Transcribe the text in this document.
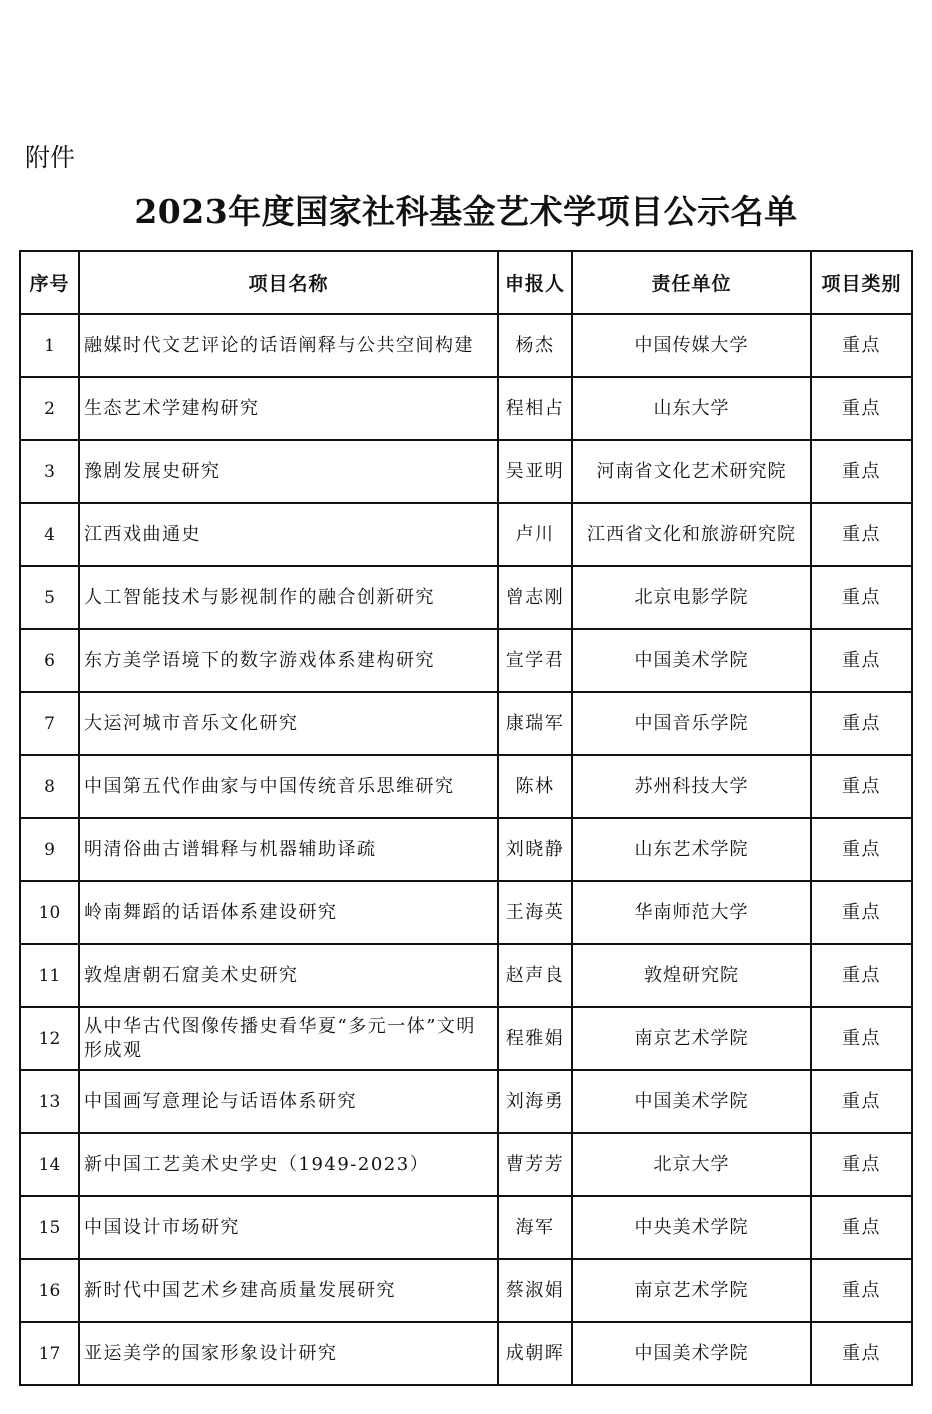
附件
2023年度国家社科基金艺术学项目公示名单
序号	项目名称	申报人	责任单位	项目类别
1	融媒时代文艺评论的话语阐释与公共空间构建	杨杰	中国传媒大学	重点
2	生态艺术学建构研究	程相占	山东大学	重点
3	豫剧发展史研究	吴亚明	河南省文化艺术研究院	重点
4	江西戏曲通史	卢川	江西省文化和旅游研究院	重点
5	人工智能技术与影视制作的融合创新研究	曾志刚	北京电影学院	重点
6	东方美学语境下的数字游戏体系建构研究	宣学君	中国美术学院	重点
7	大运河城市音乐文化研究	康瑞军	中国音乐学院	重点
8	中国第五代作曲家与中国传统音乐思维研究	陈林	苏州科技大学	重点
9	明清俗曲古谱辑释与机器辅助译疏	刘晓静	山东艺术学院	重点
10	岭南舞蹈的话语体系建设研究	王海英	华南师范大学	重点
11	敦煌唐朝石窟美术史研究	赵声良	敦煌研究院	重点
12	从中华古代图像传播史看华夏“多元一体”文明形成观	程雅娟	南京艺术学院	重点
13	中国画写意理论与话语体系研究	刘海勇	中国美术学院	重点
14	新中国工艺美术史学史（1949-2023）	曹芳芳	北京大学	重点
15	中国设计市场研究	海军	中央美术学院	重点
16	新时代中国艺术乡建高质量发展研究	蔡淑娟	南京艺术学院	重点
17	亚运美学的国家形象设计研究	成朝晖	中国美术学院	重点
